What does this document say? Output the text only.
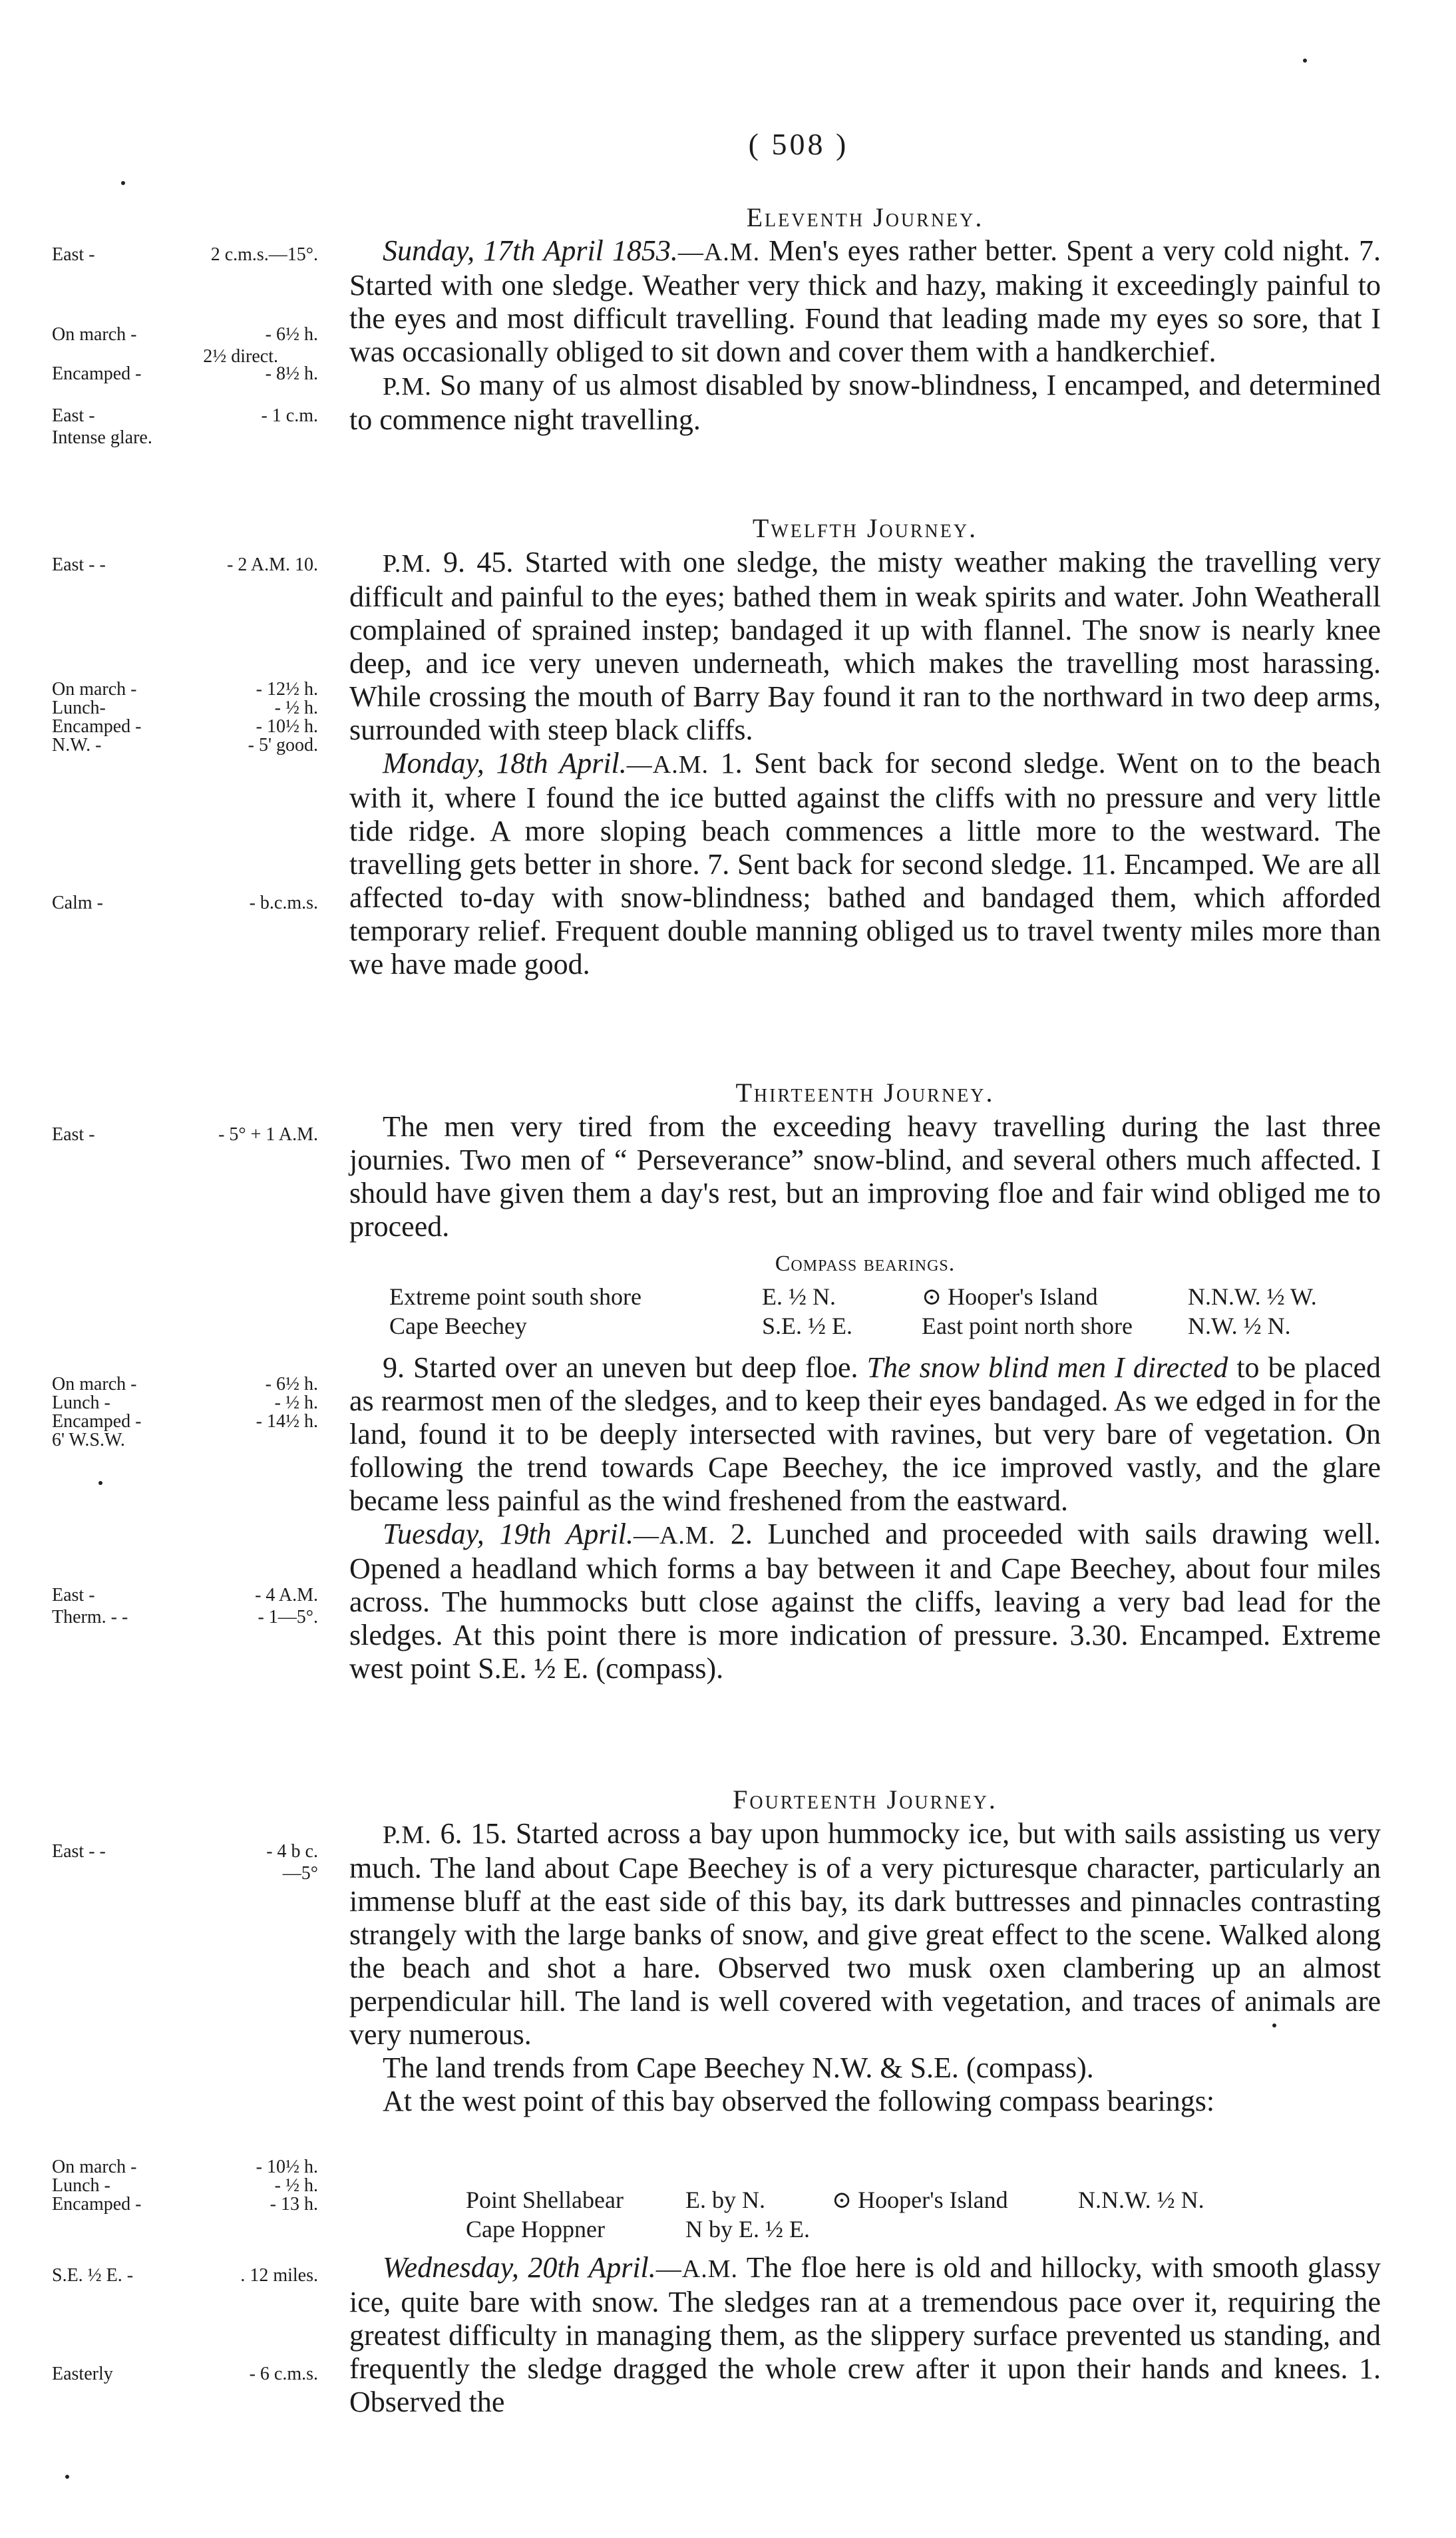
( 508 )
Eleventh Journey.

Sunday, 17th April 1853.—A.M. Men's eyes rather better. Spent a very cold night. 7. Started with one sledge. Weather very thick and hazy, making it exceedingly painful to the eyes and most difficult travelling. Found that leading made my eyes so sore, that I was occasionally obliged to sit down and cover them with a handkerchief.

P.M. So many of us almost disabled by snow-blindness, I encamped, and determined to commence night travelling.

Twelfth Journey.

P.M. 9. 45. Started with one sledge, the misty weather making the travelling very difficult and painful to the eyes; bathed them in weak spirits and water. John Weatherall complained of sprained instep; bandaged it up with flannel. The snow is nearly knee deep, and ice very uneven underneath, which makes the travelling most harassing. While crossing the mouth of Barry Bay found it ran to the northward in two deep arms, surrounded with steep black cliffs.

Monday, 18th April.—A.M. 1. Sent back for second sledge. Went on to the beach with it, where I found the ice butted against the cliffs with no pressure and very little tide ridge. A more sloping beach commences a little more to the westward. The travelling gets better in shore. 7. Sent back for second sledge. 11. Encamped. We are all affected to-day with snow-blindness; bathed and bandaged them, which afforded temporary relief. Frequent double manning obliged us to travel twenty miles more than we have made good.

Thirteenth Journey.

The men very tired from the exceeding heavy travelling during the last three journies. Two men of “ Perseverance” snow-blind, and several others much affected. I should have given them a day's rest, but an improving floe and fair wind obliged me to proceed.

Compass bearings.
Extreme point south shore	E. ½ N.	⊙ Hooper's Island	N.N.W. ½ W.
Cape Beechey	S.E. ½ E.	East point north shore	N.W. ½ N.

9. Started over an uneven but deep floe. The snow blind men I directed to be placed as rearmost men of the sledges, and to keep their eyes bandaged. As we edged in for the land, found it to be deeply intersected with ravines, but very bare of vegetation. On following the trend towards Cape Beechey, the ice improved vastly, and the glare became less painful as the wind freshened from the eastward.

Tuesday, 19th April.—A.M. 2. Lunched and proceeded with sails drawing well. Opened a headland which forms a bay between it and Cape Beechey, about four miles across. The hummocks butt close against the cliffs, leaving a very bad lead for the sledges. At this point there is more indication of pressure. 3.30. Encamped. Extreme west point S.E. ½ E. (compass).

Fourteenth Journey.

P.M. 6. 15. Started across a bay upon hummocky ice, but with sails assisting us very much. The land about Cape Beechey is of a very picturesque character, particularly an immense bluff at the east side of this bay, its dark buttresses and pinnacles contrasting strangely with the large banks of snow, and give great effect to the scene. Walked along the beach and shot a hare. Observed two musk oxen clambering up an almost perpendicular hill. The land is well covered with vegetation, and traces of animals are very numerous.

The land trends from Cape Beechey N.W. & S.E. (compass).

At the west point of this bay observed the following compass bearings:

Point Shellabear	E. by N.	⊙ Hooper's Island	N.N.W. ½ N.
Cape Hoppner	N by E. ½ E.

Wednesday, 20th April.—A.M. The floe here is old and hillocky, with smooth glassy ice, quite bare with snow. The sledges ran at a tremendous pace over it, requiring the greatest difficulty in managing them, as the slippery surface prevented us standing, and frequently the sledge dragged the whole crew after it upon their hands and knees. 1. Observed the

East -	2 c.m.s.—15°.
On march -	- 6½ h.
2½ direct.
Encamped -	- 8½ h.
East -	- 1 c.m.
Intense glare.
East - -	- 2 A.M. 10.
On march -	- 12½ h.
Lunch-	- ½ h.
Encamped -	- 10½ h.
N.W. -	- 5' good.
Calm -	- b.c.m.s.
East -	- 5° + 1 A.M.
On march -	- 6½ h.
Lunch -	- ½ h.
Encamped -	- 14½ h.
6' W.S.W.
East -	- 4 A.M.
Therm. - -	- 1—5°.
East - -	- 4 b c.
—5°
On march -	- 10½ h.
Lunch -	- ½ h.
Encamped -	- 13 h.
S.E. ½ E. -	. 12 miles.
Easterly	- 6 c.m.s.
